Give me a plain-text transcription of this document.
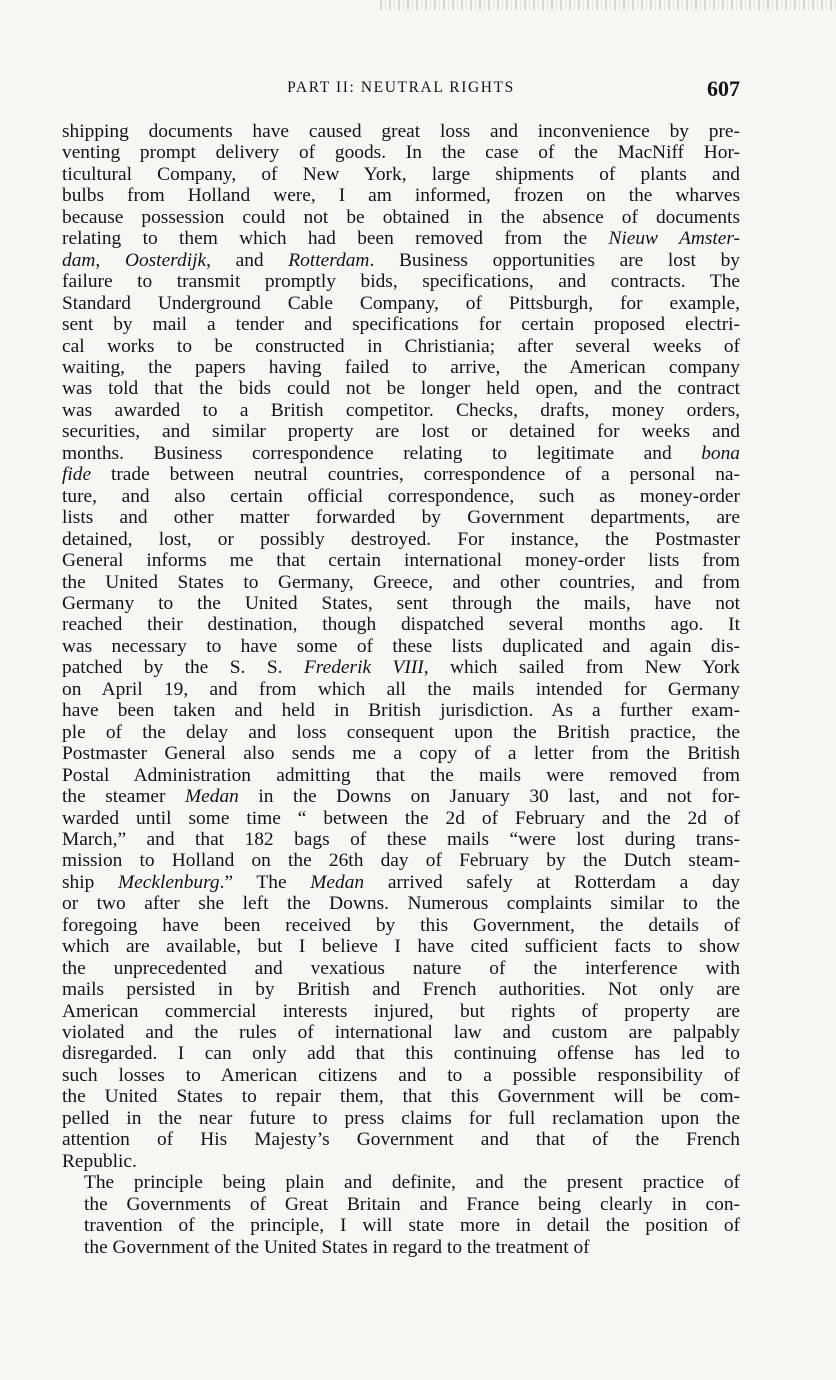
PART II: NEUTRAL RIGHTS	607
shipping documents have caused great loss and inconvenience by pre-
venting prompt delivery of goods. In the case of the MacNiff Hor-
ticultural Company, of New York, large shipments of plants and
bulbs from Holland were, I am informed, frozen on the wharves
because possession could not be obtained in the absence of documents
relating to them which had been removed from the Nieuw Amster-
dam, Oosterdijk, and Rotterdam. Business opportunities are lost by
failure to transmit promptly bids, specifications, and contracts. The
Standard Underground Cable Company, of Pittsburgh, for example,
sent by mail a tender and specifications for certain proposed electri-
cal works to be constructed in Christiania; after several weeks of
waiting, the papers having failed to arrive, the American company
was told that the bids could not be longer held open, and the contract
was awarded to a British competitor. Checks, drafts, money orders,
securities, and similar property are lost or detained for weeks and
months. Business correspondence relating to legitimate and bona
fide trade between neutral countries, correspondence of a personal na-
ture, and also certain official correspondence, such as money-order
lists and other matter forwarded by Government departments, are
detained, lost, or possibly destroyed. For instance, the Postmaster
General informs me that certain international money-order lists from
the United States to Germany, Greece, and other countries, and from
Germany to the United States, sent through the mails, have not
reached their destination, though dispatched several months ago. It
was necessary to have some of these lists duplicated and again dis-
patched by the S. S. Frederik VIII, which sailed from New York
on April 19, and from which all the mails intended for Germany
have been taken and held in British jurisdiction. As a further exam-
ple of the delay and loss consequent upon the British practice, the
Postmaster General also sends me a copy of a letter from the British
Postal Administration admitting that the mails were removed from
the steamer Medan in the Downs on January 30 last, and not for-
warded until some time “ between the 2d of February and the 2d of
March,” and that 182 bags of these mails “were lost during trans-
mission to Holland on the 26th day of February by the Dutch steam-
ship Mecklenburg.” The Medan arrived safely at Rotterdam a day
or two after she left the Downs. Numerous complaints similar to the
foregoing have been received by this Government, the details of
which are available, but I believe I have cited sufficient facts to show
the unprecedented and vexatious nature of the interference with
mails persisted in by British and French authorities. Not only are
American commercial interests injured, but rights of property are
violated and the rules of international law and custom are palpably
disregarded. I can only add that this continuing offense has led to
such losses to American citizens and to a possible responsibility of
the United States to repair them, that this Government will be com-
pelled in the near future to press claims for full reclamation upon the
attention of His Majesty’s Government and that of the French
Republic.
The principle being plain and definite, and the present practice of
the Governments of Great Britain and France being clearly in con-
travention of the principle, I will state more in detail the position of
the Government of the United States in regard to the treatment of
